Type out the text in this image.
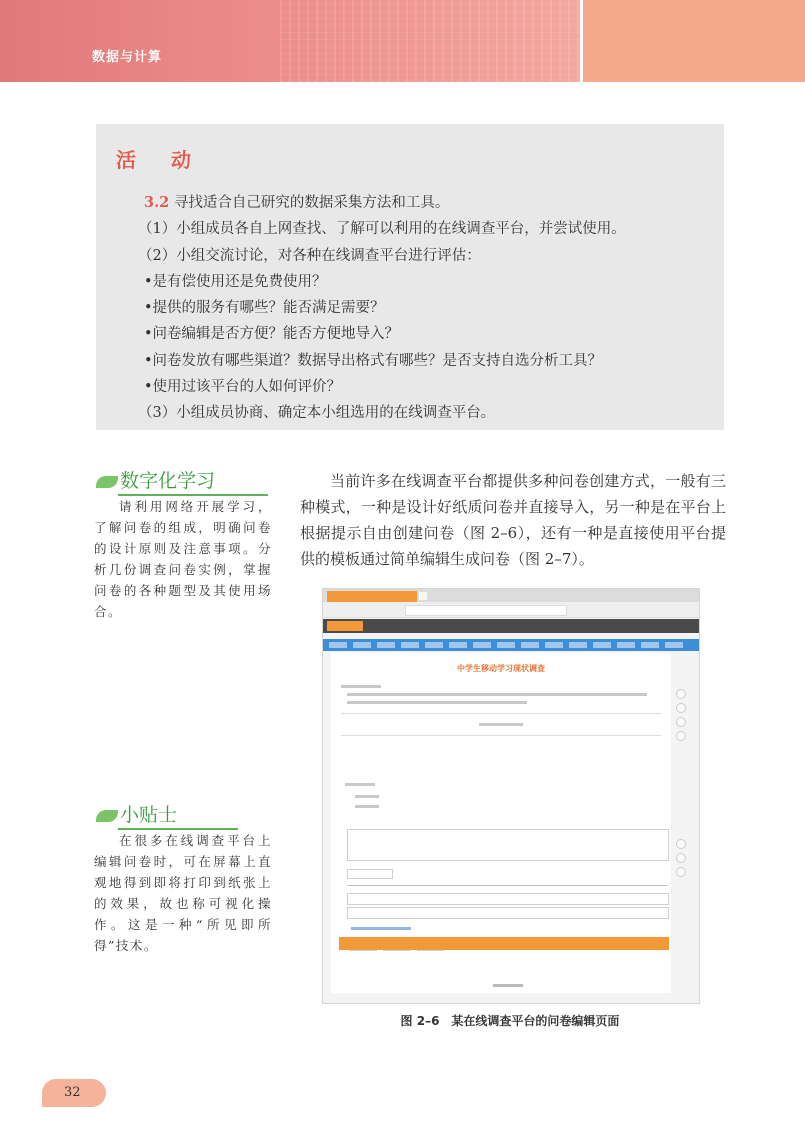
数据与计算
活 动
3.2 寻找适合自己研究的数据采集方法和工具。
（1）小组成员各自上网查找、了解可以利用的在线调查平台，并尝试使用。
（2）小组交流讨论，对各种在线调查平台进行评估：
•是有偿使用还是免费使用？
•提供的服务有哪些？能否满足需要？
•问卷编辑是否方便？能否方便地导入？
•问卷发放有哪些渠道？数据导出格式有哪些？是否支持自选分析工具？
•使用过该平台的人如何评价？
（3）小组成员协商、确定本小组选用的在线调查平台。
数字化学习
请利用网络开展学习，了解问卷的组成，明确问卷的设计原则及注意事项。分析几份调查问卷实例，掌握问卷的各种题型及其使用场合。
小贴士
在很多在线调查平台上编辑问卷时，可在屏幕上直观地得到即将打印到纸张上的效果，故也称可视化操作。这是一种“所见即所得”技术。
当前许多在线调查平台都提供多种问卷创建方式，一般有三种模式，一种是设计好纸质问卷并直接导入，另一种是在平台上根据提示自由创建问卷（图 2–6），还有一种是直接使用平台提供的模板通过简单编辑生成问卷（图 2–7）。
中学生移动学习现状调查
图 2–6　某在线调查平台的问卷编辑页面
32
